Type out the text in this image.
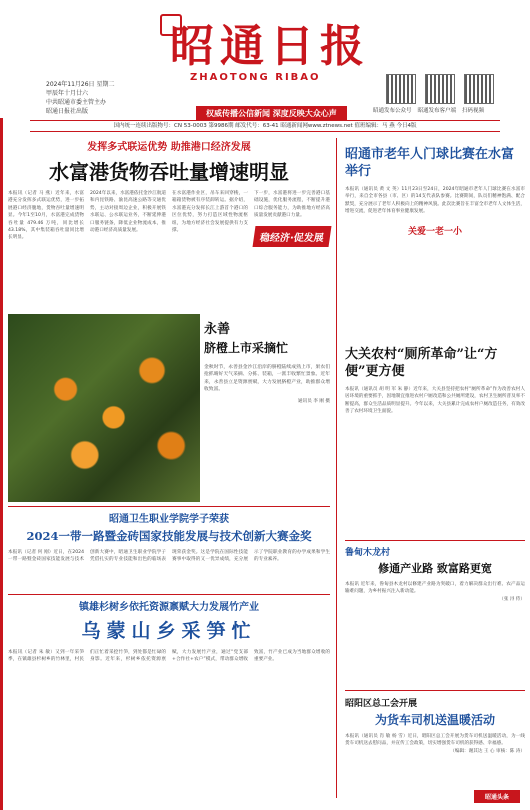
昭通日报
ZHAOTONG RIBAO
2024年11月26日 星期二
甲辰年十月廿六
中共昭通市委主管主办
昭通日报社出版	昭通发布公众号 昭通发布客户端 扫码视频
权威传播公信新闻 深度反映大众心声
国内统一连续出版物号：CN 53-0003 第9986期 邮发代号：63-41 昭通新闻网www.ztnews.net 值班编辑：马 燕 今日4版
发挥多式联运优势 助推港口经济发展
水富港货物吞吐量增速明显
本报讯（记者 马 燕）近年来，水富港充分发挥多式联运优势，进一步拓展港口经济腹地，货物吞吐量增速明显。今年1至10月，水富港完成货物吞吐量 479.46 万吨，同比增长 43.18%，其中集装箱吞吐量同比增长明显。
2024年以来，水富港依托金沙江航道和内昆铁路、渝昆高速公路等交通优势，主动对接周边企业，积极开展铁水联运、公水联运业务，不断延伸港口服务链条，降低企业物流成本，推动港口经济高质量发展。
在水富港作业区，吊车来回穿梭，一箱箱货物被有序装卸转运。据介绍，水富港充分发挥长江上游首个港口的区位优势，努力打造区域性物流枢纽，为地方经济社会发展提供有力支撑。
下一步，水富港将进一步完善港口基础设施，优化服务流程，不断提升港口综合服务能力，为助推地方经济高质量发展贡献港口力量。
稳经济·促发展
永善
脐橙上市采摘忙
金秋时节，永善县金沙江沿岸的脐橙陆续成熟上市，果农们抢抓晴好天气采摘、分拣、装箱，一派丰收繁忙景象。近年来，永善县立足资源禀赋，大力发展脐橙产业，助推群众增收致富。
通讯员 李 刚 摄
昭通卫生职业学院学子荣获
2024一带一路暨金砖国家技能发展与技术创新大赛金奖
本报讯（记者 何 刚）近日，在2024一带一路暨金砖国家技能发展与技术创新大赛中，昭通卫生职业学院学子凭借扎实的专业技能和出色的临场表现荣获金奖。这是学院在国际性技能赛事中取得的又一优异成绩，充分展示了学院职业教育的办学成果和学生的专业素养。
镇雄杉树乡依托资源禀赋大力发展竹产业
乌蒙山乡采笋忙
本报讯（记者 朱 敏）又到一年采笋季，在镇雄县杉树乡的竹林里，村民们正忙着采挖竹笋，到处都是忙碌的身影。近年来，杉树乡依托资源禀赋，大力发展竹产业，通过“党支部+合作社+农户”模式，带动群众增收致富，竹产业已成为当地群众增收的重要产业。
昭通市老年人门球比赛在水富举行
本报讯（通讯员 黄 文 英）11月23日至24日，2024年昭通市老年人门球比赛在水富市举行，来自全市各县（市、区）的14支代表队参赛。比赛期间，队员们精神饱满、配合默契，充分展示了老年人积极向上的精神风貌。此次比赛旨在丰富全市老年人文体生活，增进交流，促进老年体育事业健康发展。
关爱一老一小
大关农村“厕所革命”让“方便”更方便
本报讯（通讯员 胡 明 军 朱 静）近年来，大关县坚持把农村“厕所革命”作为改善农村人居环境的重要抓手，因地制宜推进农村户厕改造和公共厕所建设，农村卫生厕所普及率不断提高，群众生活品质明显提升。今年以来，大关县累计完成农村户厕改造任务，有效改善了农村环境卫生面貌。
鲁甸木龙村
修通产业路 致富路更宽
本报讯 近年来，鲁甸县木龙村以修建产业路为突破口，着力解决群众出行难、农产品运输难问题，为乡村振兴注入新动能。
（张 浔 侍）
昭阳区总工会开展
为货车司机送温暖活动
本报讯（通讯员 肖 敏 杨 雪）近日，昭阳区总工会开展为货车司机送温暖活动，为一线货车司机送去慰问品，并宣传工会政策，切实增强货车司机的获得感、幸福感。
（编辑：谢其达 王 心 审核：陈 涛）
昭通头条
